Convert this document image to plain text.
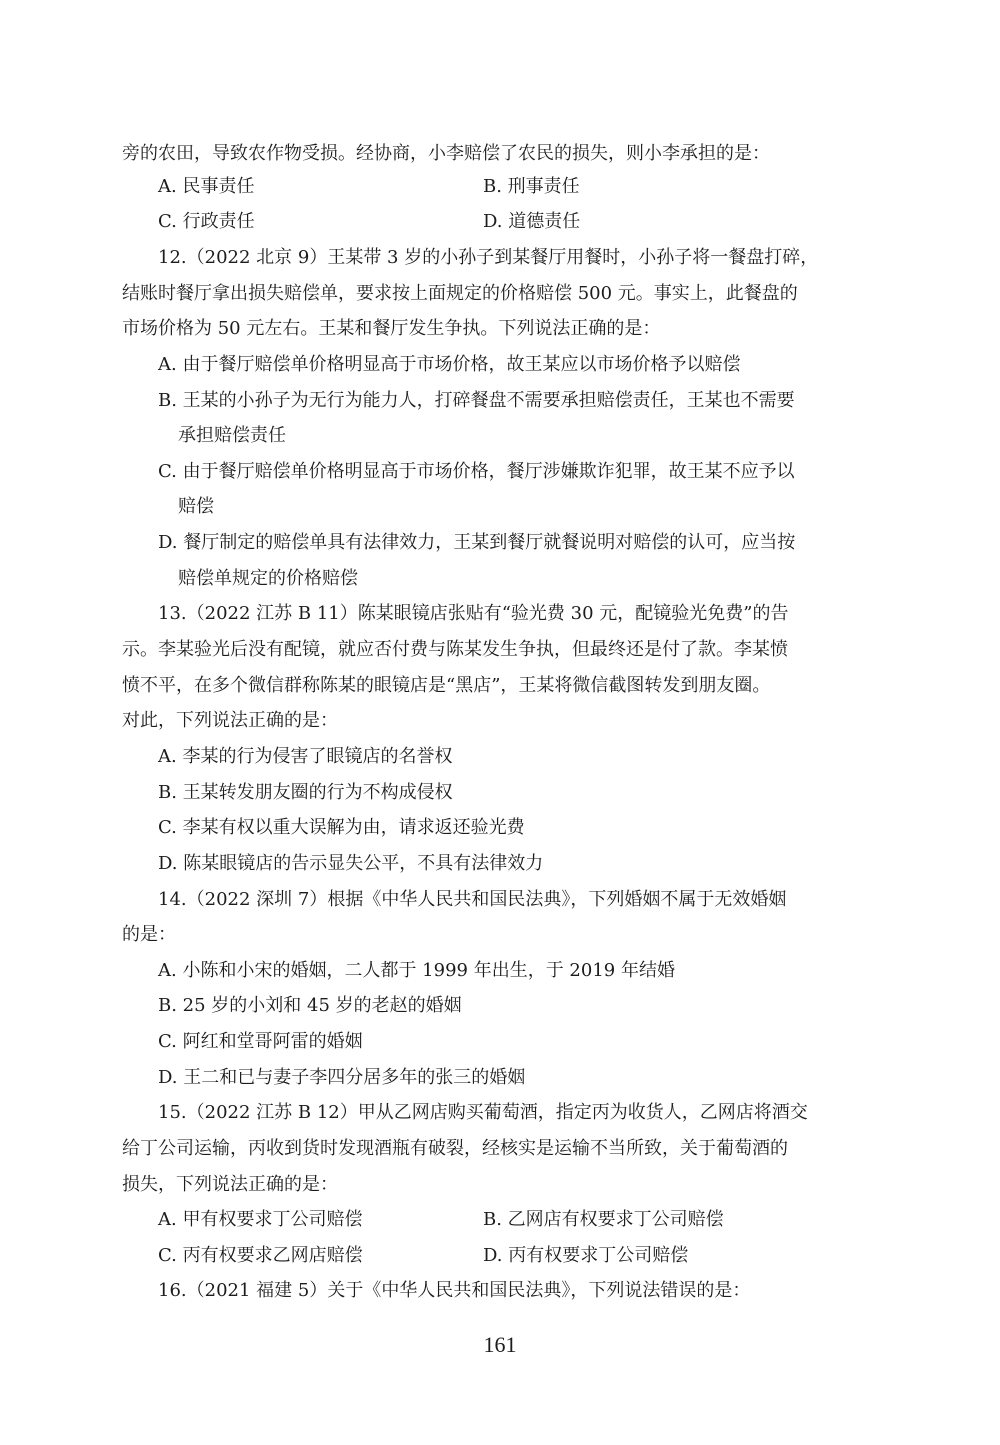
旁的农田，导致农作物受损。经协商，小李赔偿了农民的损失，则小李承担的是：
A. 民事责任	B. 刑事责任
C. 行政责任	D. 道德责任
12.（2022 北京 9）王某带 3 岁的小孙子到某餐厅用餐时，小孙子将一餐盘打碎，
结账时餐厅拿出损失赔偿单，要求按上面规定的价格赔偿 500 元。事实上，此餐盘的
市场价格为 50 元左右。王某和餐厅发生争执。下列说法正确的是：
A. 由于餐厅赔偿单价格明显高于市场价格，故王某应以市场价格予以赔偿
B. 王某的小孙子为无行为能力人，打碎餐盘不需要承担赔偿责任，王某也不需要
承担赔偿责任
C. 由于餐厅赔偿单价格明显高于市场价格，餐厅涉嫌欺诈犯罪，故王某不应予以
赔偿
D. 餐厅制定的赔偿单具有法律效力，王某到餐厅就餐说明对赔偿的认可，应当按
赔偿单规定的价格赔偿
13.（2022 江苏 B 11）陈某眼镜店张贴有“验光费 30 元，配镜验光免费”的告
示。李某验光后没有配镜，就应否付费与陈某发生争执，但最终还是付了款。李某愤
愤不平，在多个微信群称陈某的眼镜店是“黑店”，王某将微信截图转发到朋友圈。
对此，下列说法正确的是：
A. 李某的行为侵害了眼镜店的名誉权
B. 王某转发朋友圈的行为不构成侵权
C. 李某有权以重大误解为由，请求返还验光费
D. 陈某眼镜店的告示显失公平，不具有法律效力
14.（2022 深圳 7）根据《中华人民共和国民法典》，下列婚姻不属于无效婚姻
的是：
A. 小陈和小宋的婚姻，二人都于 1999 年出生，于 2019 年结婚
B. 25 岁的小刘和 45 岁的老赵的婚姻
C. 阿红和堂哥阿雷的婚姻
D. 王二和已与妻子李四分居多年的张三的婚姻
15.（2022 江苏 B 12）甲从乙网店购买葡萄酒，指定丙为收货人，乙网店将酒交
给丁公司运输，丙收到货时发现酒瓶有破裂，经核实是运输不当所致，关于葡萄酒的
损失，下列说法正确的是：
A. 甲有权要求丁公司赔偿	B. 乙网店有权要求丁公司赔偿
C. 丙有权要求乙网店赔偿	D. 丙有权要求丁公司赔偿
16.（2021 福建 5）关于《中华人民共和国民法典》，下列说法错误的是：
161
